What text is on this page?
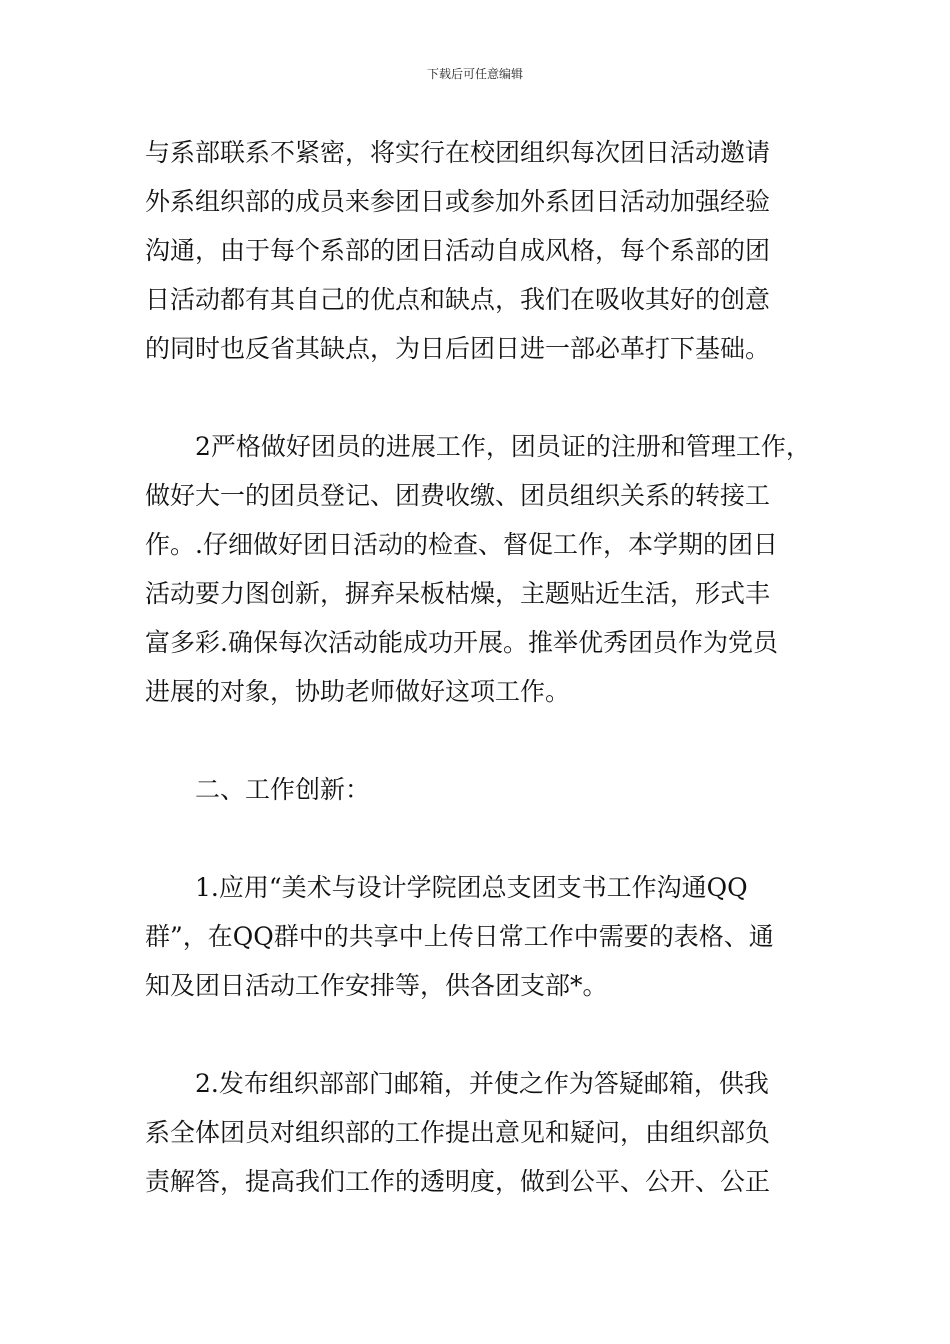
下载后可任意编辑
与系部联系不紧密，将实行在校团组织每次团日活动邀请
外系组织部的成员来参团日或参加外系团日活动加强经验
沟通，由于每个系部的团日活动自成风格，每个系部的团
日活动都有其自己的优点和缺点，我们在吸收其好的创意
的同时也反省其缺点，为日后团日进一部必革打下基础。
　　2严格做好团员的进展工作，团员证的注册和管理工作，
做好大一的团员登记、团费收缴、团员组织关系的转接工
作。.仔细做好团日活动的检查、督促工作，本学期的团日
活动要力图创新，摒弃呆板枯燥，主题贴近生活，形式丰
富多彩.确保每次活动能成功开展。推举优秀团员作为党员
进展的对象，协助老师做好这项工作。
　　二、工作创新：
　　1.应用“美术与设计学院团总支团支书工作沟通QQ
群”，在QQ群中的共享中上传日常工作中需要的表格、通
知及团日活动工作安排等，供各团支部*。
　　2.发布组织部部门邮箱，并使之作为答疑邮箱，供我
系全体团员对组织部的工作提出意见和疑问，由组织部负
责解答，提高我们工作的透明度，做到公平、公开、公正
